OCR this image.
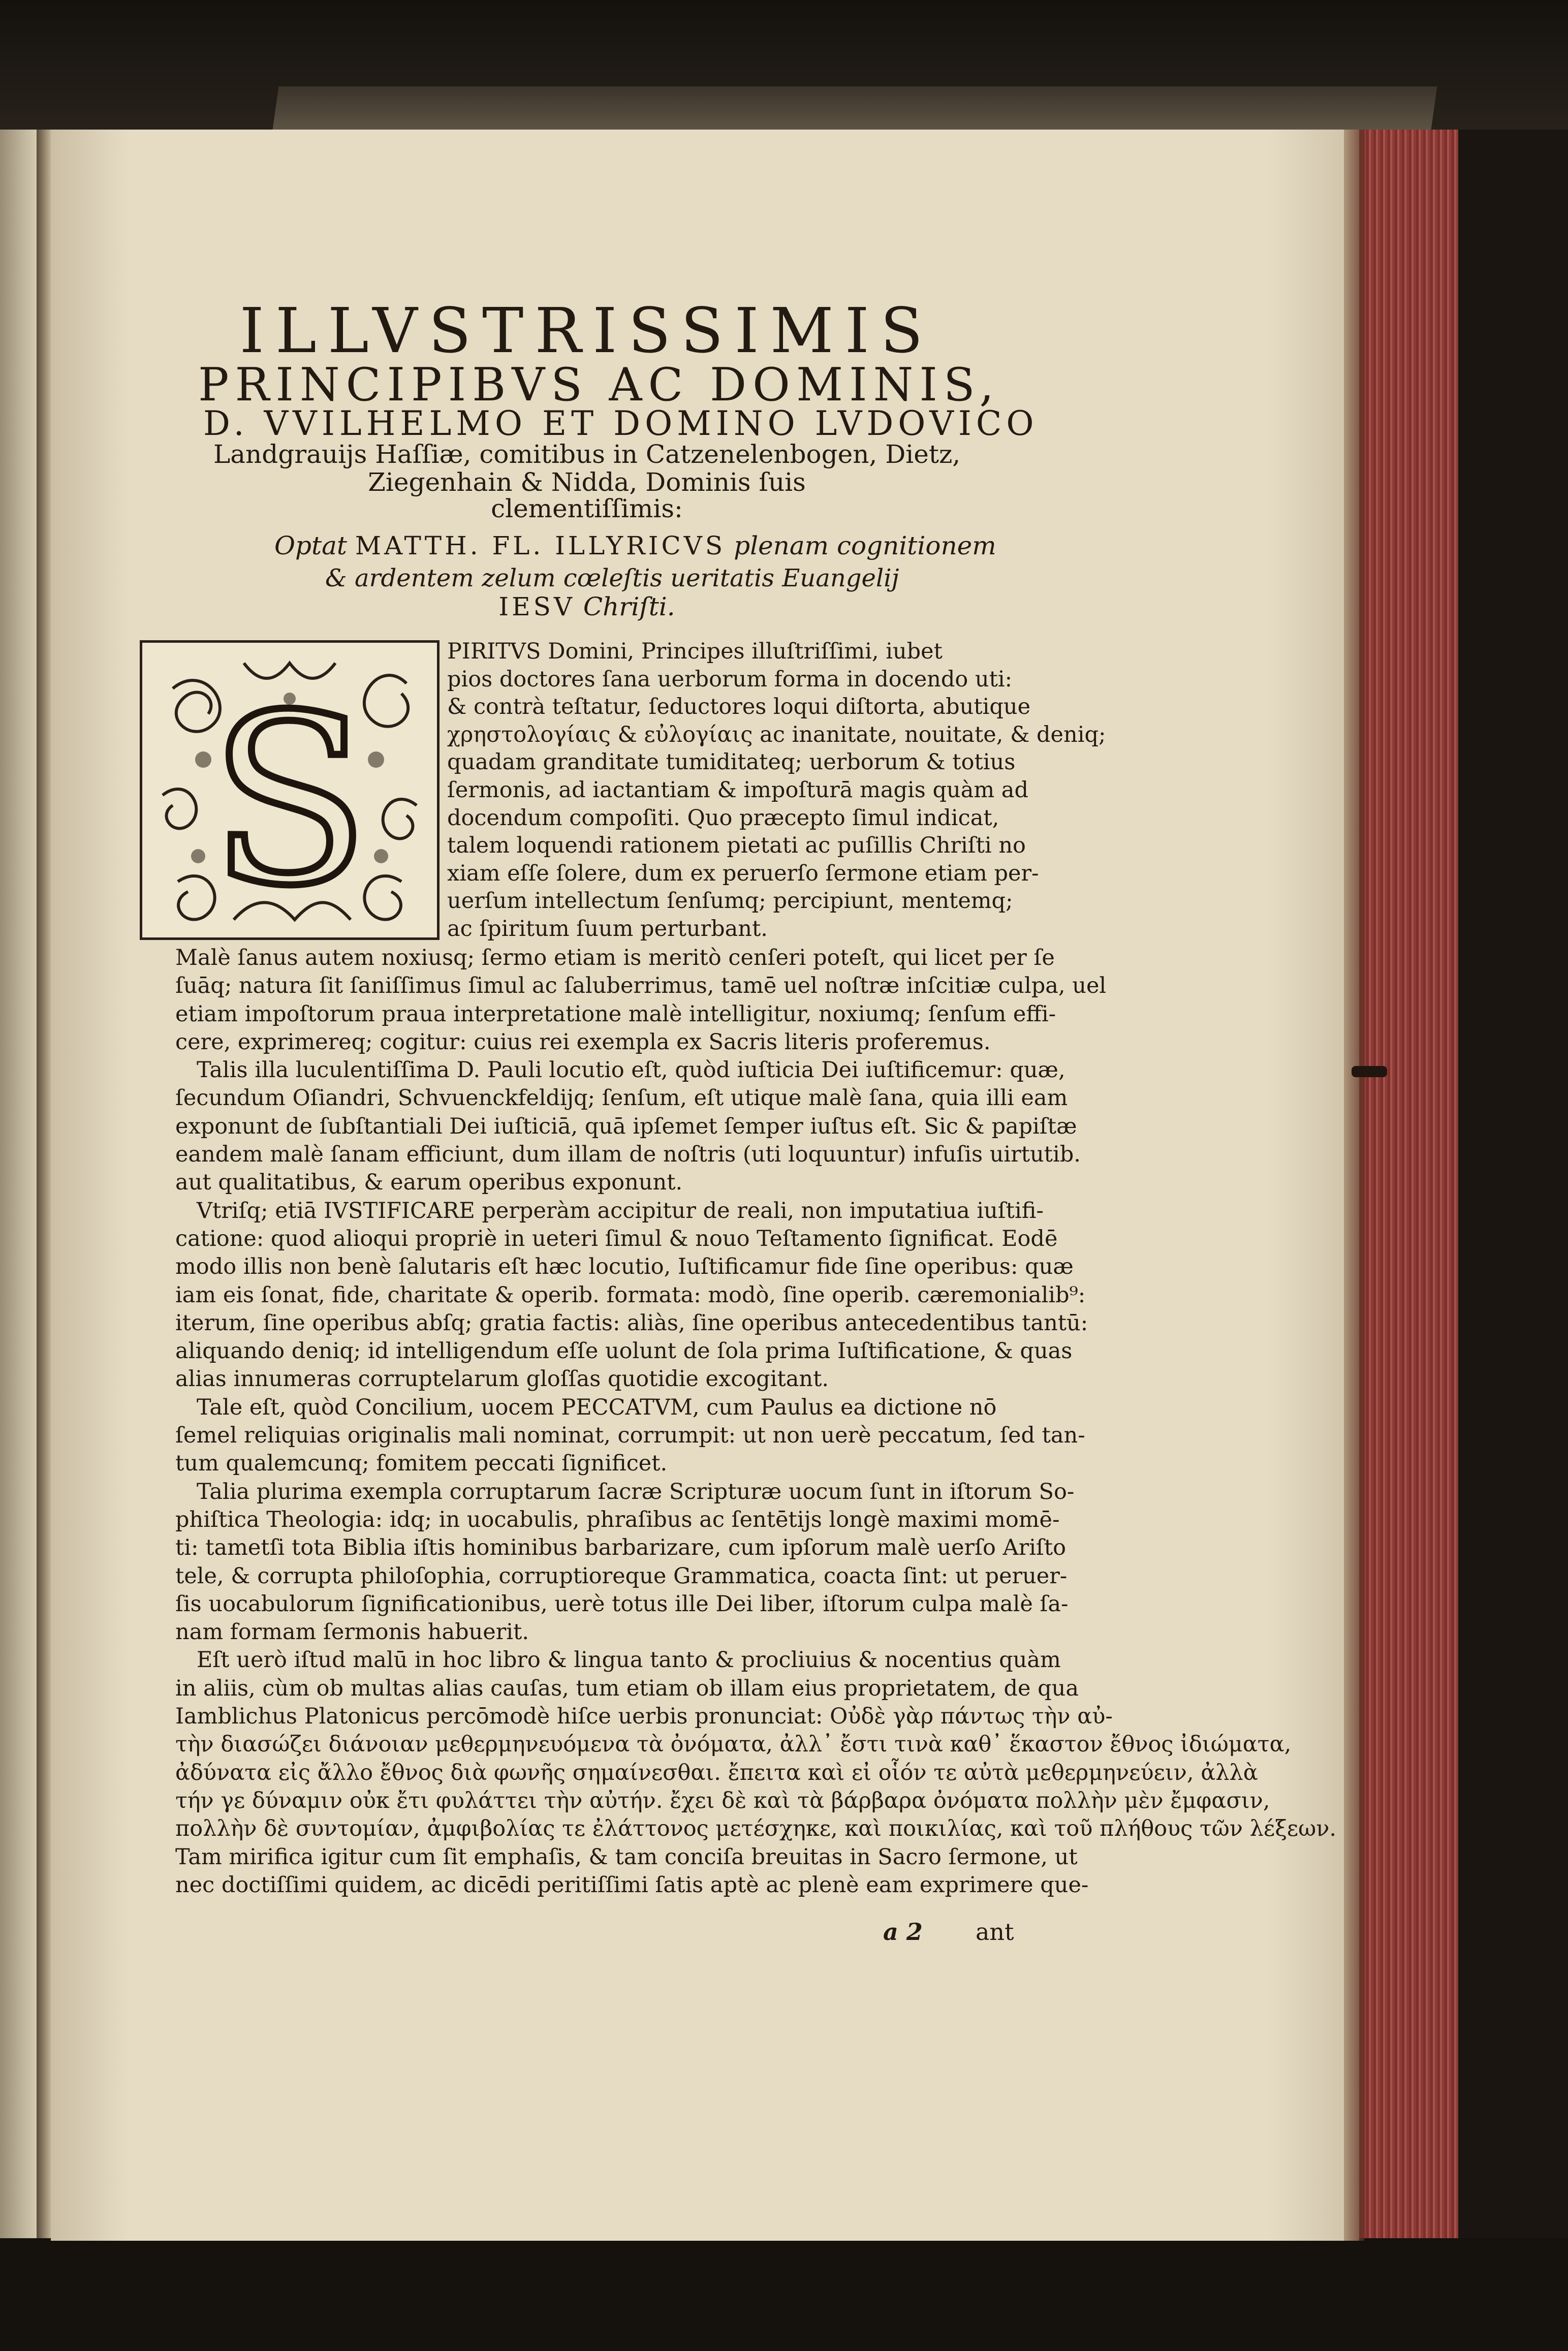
ILLVSTRISSIMIS
PRINCIPIBVS AC DOMINIS,
D. VVILHELMO ET DOMINO LVDOVICO
Landgrauijs Haſſiæ, comitibus in Catzenelenbogen, Dietz,
Ziegenhain & Nidda, Dominis ſuis
clementiſſimis:
Optat MATTH. FL. ILLYRICVS plenam cognitionem
& ardentem zelum cœleſtis ueritatis Euangelij
IESV Chriſti.
S
PIRITVS Domini, Principes illuſtriſſimi, iubet
pios doctores ſana uerborum forma in docendo uti:
& contrà teſtatur, ſeductores loqui diſtorta, abutique
χρηστολογίαις & εὐλογίαις ac inanitate, nouitate, & deniq;
quadam granditate tumiditateq; uerborum & totius
ſermonis, ad iactantiam & impoſturā magis quàm ad
docendum compoſiti. Quo præcepto ſimul indicat,
talem loquendi rationem pietati ac puſillis Chriſti no
xiam eſſe ſolere, dum ex peruerſo ſermone etiam per-
uerſum intellectum ſenſumq; percipiunt, mentemq;
ac ſpiritum ſuum perturbant.
Malè ſanus autem noxiusq; ſermo etiam is meritò cenſeri poteſt, qui licet per ſe
ſuāq; natura ſit ſaniſſimus ſimul ac ſaluberrimus, tamē uel noſtræ inſcitiæ culpa, uel
etiam impoſtorum praua interpretatione malè intelligitur, noxiumq; ſenſum effi-
cere, exprimereq; cogitur: cuius rei exempla ex Sacris literis proferemus.
Talis illa luculentiſſima D. Pauli locutio eſt, quòd iuſticia Dei iuſtificemur: quæ,
ſecundum Oſiandri, Schvuenckfeldijq; ſenſum, eſt utique malè ſana, quia illi eam
exponunt de ſubſtantiali Dei iuſticiā, quā ipſemet ſemper iuſtus eſt. Sic & papiſtæ
eandem malè ſanam efficiunt, dum illam de noſtris (uti loquuntur) infuſis uirtutib.
aut qualitatibus, & earum operibus exponunt.
Vtriſq; etiā IVSTIFICARE perperàm accipitur de reali, non imputatiua iuſtifi-
catione: quod alioqui propriè in ueteri ſimul & nouo Teſtamento ſignificat. Eodē
modo illis non benè ſalutaris eſt hæc locutio, Iuſtificamur fide ſine operibus: quæ
iam eis ſonat, fide, charitate & operib. formata: modò, ſine operib. cæremonialib⁹:
iterum, ſine operibus abſq; gratia factis: aliàs, ſine operibus antecedentibus tantū:
aliquando deniq; id intelligendum eſſe uolunt de ſola prima Iuſtificatione, & quas
alias innumeras corruptelarum gloſſas quotidie excogitant.
Tale eſt, quòd Concilium, uocem PECCATVM, cum Paulus ea dictione nō
ſemel reliquias originalis mali nominat, corrumpit: ut non uerè peccatum, ſed tan-
tum qualemcunq; fomitem peccati ſignificet.
Talia plurima exempla corruptarum ſacræ Scripturæ uocum ſunt in iſtorum So-
phiſtica Theologia: idq; in uocabulis, phraſibus ac ſentētijs longè maximi momē-
ti: tametſi tota Biblia iſtis hominibus barbarizare, cum ipſorum malè uerſo Ariſto
tele, & corrupta philoſophia, corruptioreque Grammatica, coacta ſint: ut peruer-
ſis uocabulorum ſignificationibus, uerè totus ille Dei liber, iſtorum culpa malè ſa-
nam formam ſermonis habuerit.
Eſt uerò iſtud malū in hoc libro & lingua tanto & procliuius & nocentius quàm
in aliis, cùm ob multas alias cauſas, tum etiam ob illam eius proprietatem, de qua
Iamblichus Platonicus percōmodè hiſce uerbis pronunciat: Οὐδὲ γὰρ πάντως τὴν αὐ-
τὴν διασώζει διάνοιαν μεθερμηνευόμενα τὰ ὀνόματα, ἀλλ᾽ ἔστι τινὰ καθ᾽ ἕκαστον ἔθνος ἰδιώματα,
ἀδύνατα εἰς ἄλλο ἔθνος διὰ φωνῆς σημαίνεσθαι. ἔπειτα καὶ εἰ οἷόν τε αὐτὰ μεθερμηνεύειν, ἀλλὰ
τήν γε δύναμιν οὐκ ἔτι φυλάττει τὴν αὐτήν. ἔχει δὲ καὶ τὰ βάρβαρα ὀνόματα πολλὴν μὲν ἔμφασιν,
πολλὴν δὲ συντομίαν, ἀμφιβολίας τε ἐλάττονος μετέσχηκε, καὶ ποικιλίας, καὶ τοῦ πλήθους τῶν λέξεων.
Tam mirifica igitur cum ſit emphaſis, & tam conciſa breuitas in Sacro ſermone, ut
nec doctiſſimi quidem, ac dicēdi peritiſſimi ſatis aptè ac plenè eam exprimere que-
a 2 ant
